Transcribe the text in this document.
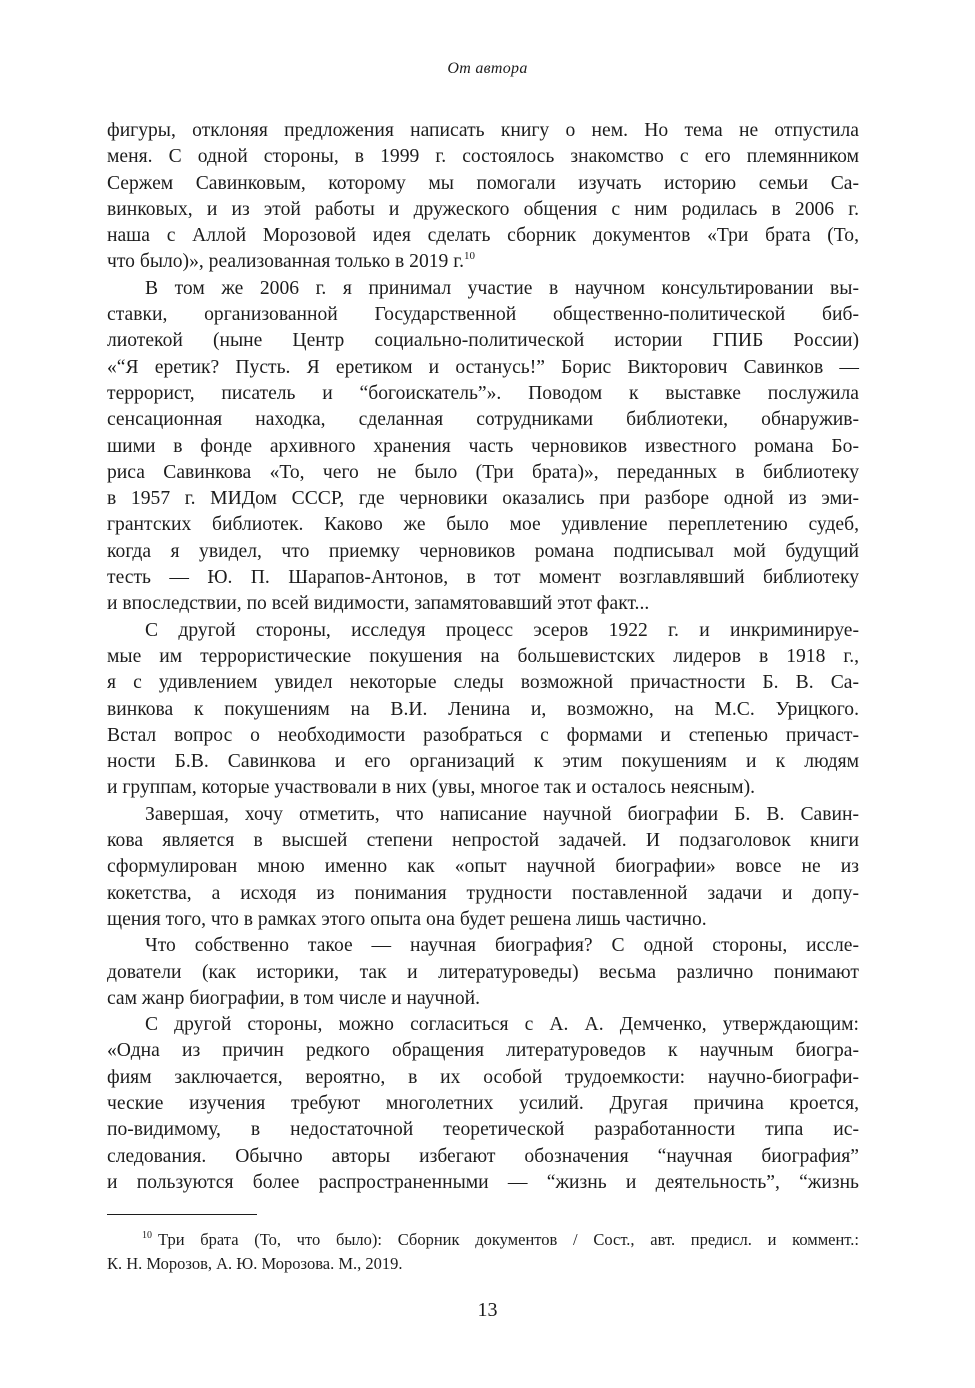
От автора
фигуры, отклоняя предложения написать книгу о нем. Но тема не отпустила
меня. С одной стороны, в 1999 г. состоялось знакомство с его племянником
Сержем Савинковым, которому мы помогали изучать историю семьи Са-
винковых, и из этой работы и дружеского общения с ним родилась в 2006 г.
наша с Аллой Морозовой идея сделать сборник документов «Три брата (То,
что было)», реализованная только в 2019 г.$^{10}$
В том же 2006 г. я принимал участие в научном консультировании вы-
ставки, организованной Государственной общественно-политической биб-
лиотекой (ныне Центр социально-политической истории ГПИБ России)
«“Я еретик? Пусть. Я еретиком и останусь!” Борис Викторович Савинков —
террорист, писатель и “богоискатель”». Поводом к выставке послужила
сенсационная находка, сделанная сотрудниками библиотеки, обнаружив-
шими в фонде архивного хранения часть черновиков известного романа Бо-
риса Савинкова «То, чего не было (Три брата)», переданных в библиотеку
в 1957 г. МИДом СССР, где черновики оказались при разборе одной из эми-
грантских библиотек. Каково же было мое удивление переплетению судеб,
когда я увидел, что приемку черновиков романа подписывал мой будущий
тесть — Ю. П. Шарапов-Антонов, в тот момент возглавлявший библиотеку
и впоследствии, по всей видимости, запамятовавший этот факт...
С другой стороны, исследуя процесс эсеров 1922 г. и инкриминируе-
мые им террористические покушения на большевистских лидеров в 1918 г.,
я с удивлением увидел некоторые следы возможной причастности Б. В. Са-
винкова к покушениям на В.И. Ленина и, возможно, на М.С. Урицкого.
Встал вопрос о необходимости разобраться с формами и степенью причаст-
ности Б.В. Савинкова и его организаций к этим покушениям и к людям
и группам, которые участвовали в них (увы, многое так и осталось неясным).
Завершая, хочу отметить, что написание научной биографии Б. В. Савин-
кова является в высшей степени непростой задачей. И подзаголовок книги
сформулирован мною именно как «опыт научной биографии» вовсе не из
кокетства, а исходя из понимания трудности поставленной задачи и допу-
щения того, что в рамках этого опыта она будет решена лишь частично.
Что собственно такое — научная биография? С одной стороны, иссле-
дователи (как историки, так и литературоведы) весьма различно понимают
сам жанр биографии, в том числе и научной.
С другой стороны, можно согласиться с А. А. Демченко, утверждающим:
«Одна из причин редкого обращения литературоведов к научным биогра-
фиям заключается, вероятно, в их особой трудоемкости: научно-биографи-
ческие изучения требуют многолетних усилий. Другая причина кроется,
по-видимому, в недостаточной теоретической разработанности типа ис-
следования. Обычно авторы избегают обозначения “научная биография”
и пользуются более распространенными — “жизнь и деятельность”, “жизнь
$^{10}$ Три брата (То, что было): Сборник документов / Сост., авт. предисл. и коммент.:
К. Н. Морозов, А. Ю. Морозова. М., 2019.
13
